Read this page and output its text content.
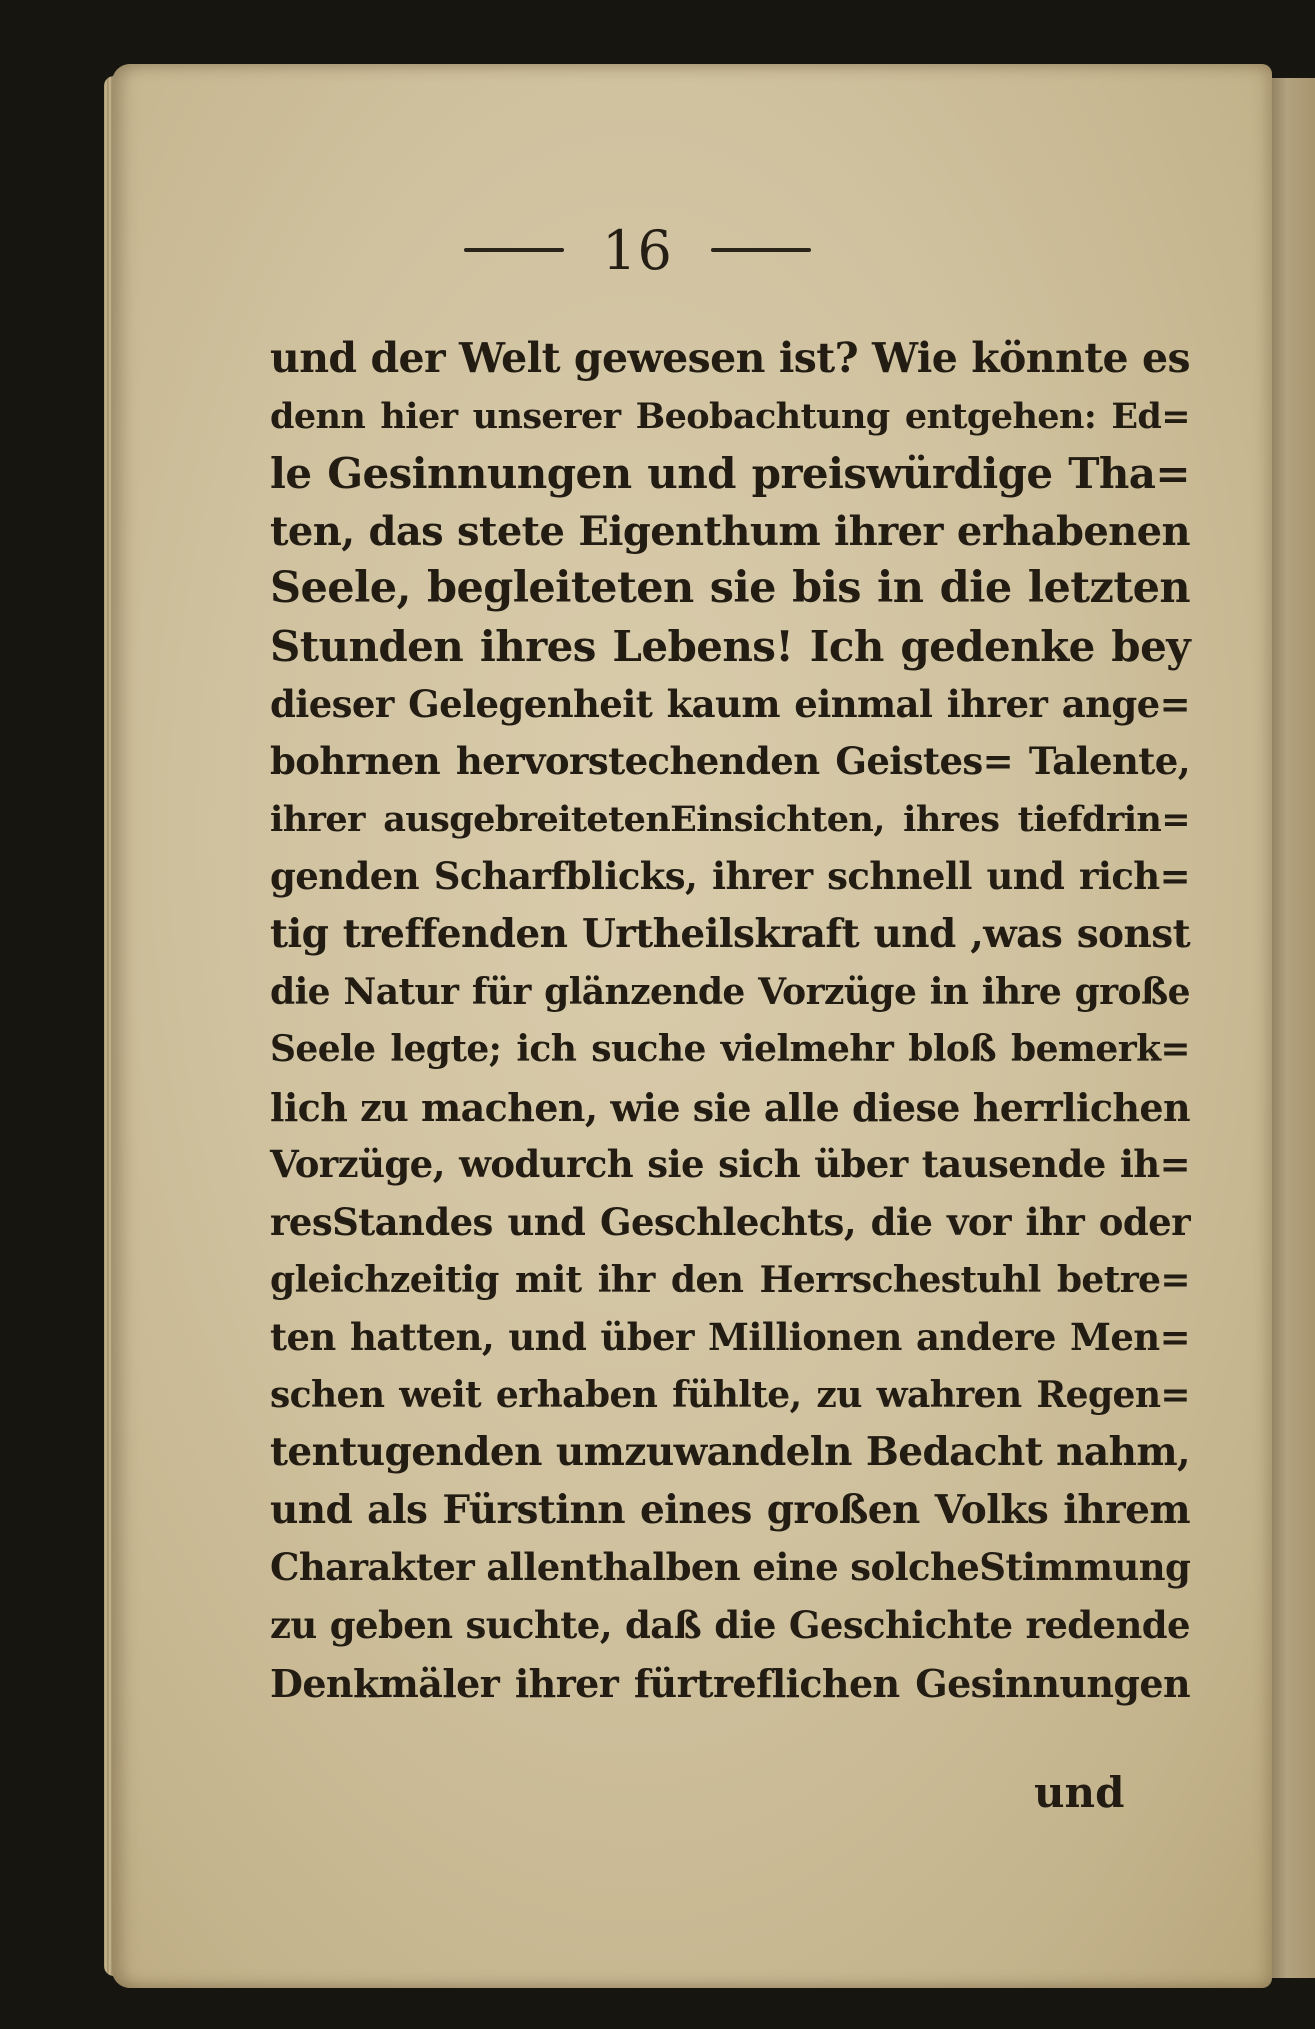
16
und der Welt gewesen ist? Wie könnte es
denn hier unserer Beobachtung entgehen: Ed=
le Gesinnungen und preiswürdige Tha=
ten, das stete Eigenthum ihrer erhabenen
Seele, begleiteten sie bis in die letzten
Stunden ihres Lebens! Ich gedenke bey
dieser Gelegenheit kaum einmal ihrer ange=
bohrnen hervorstechenden Geistes= Talente,
ihrer ausgebreitetenEinsichten, ihres tiefdrin=
genden Scharfblicks, ihrer schnell und rich=
tig treffenden Urtheilskraft und ,was sonst
die Natur für glänzende Vorzüge in ihre große
Seele legte; ich suche vielmehr bloß bemerk=
lich zu machen, wie sie alle diese herrlichen
Vorzüge, wodurch sie sich über tausende ih=
resStandes und Geschlechts, die vor ihr oder
gleichzeitig mit ihr den Herrschestuhl betre=
ten hatten, und über Millionen andere Men=
schen weit erhaben fühlte, zu wahren Regen=
tentugenden umzuwandeln Bedacht nahm,
und als Fürstinn eines großen Volks ihrem
Charakter allenthalben eine solcheStimmung
zu geben suchte, daß die Geschichte redende
Denkmäler ihrer fürtreflichen Gesinnungen
und
